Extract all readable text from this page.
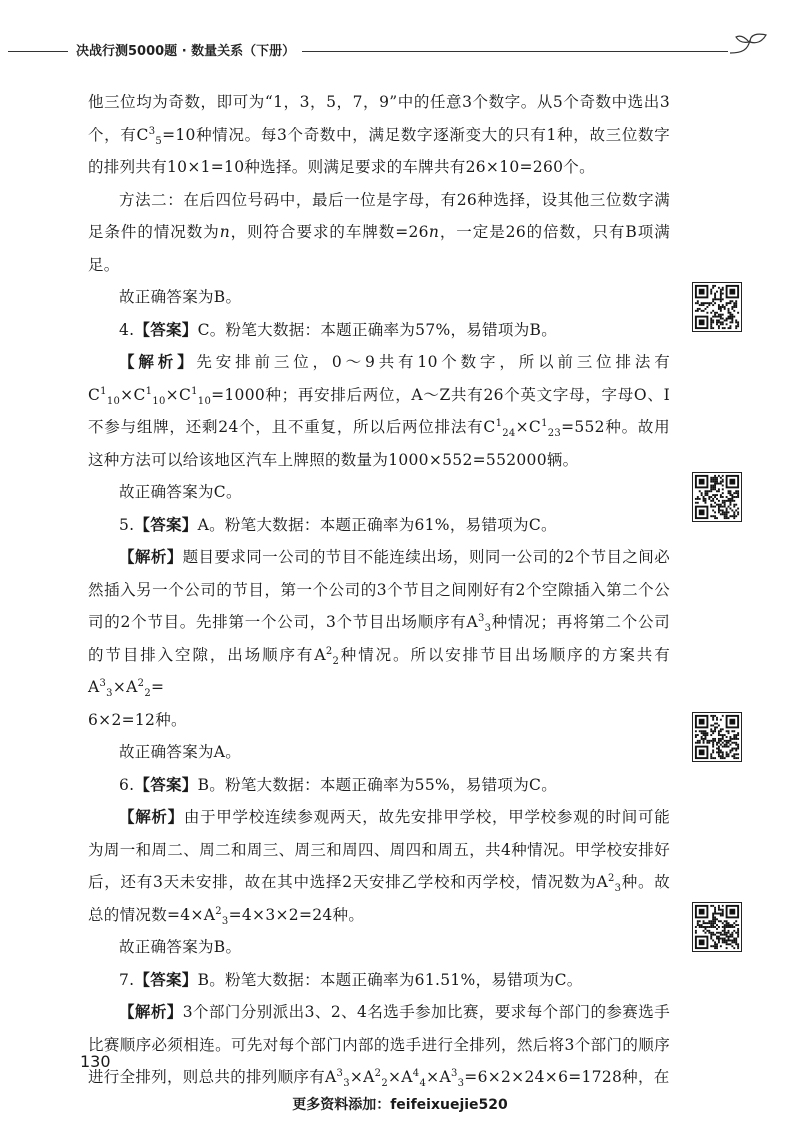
决战行测5000题 · 数量关系（下册）

他三位均为奇数，即可为“1，3，5，7，9”中的任意3个数字。从5个奇数中选出3个，有$C^3_5=10$种情况。每3个奇数中，满足数字逐渐变大的只有1种，故三位数字的排列共有10×1=10种选择。则满足要求的车牌共有26×10=260个。

方法二：在后四位号码中，最后一位是字母，有26种选择，设其他三位数字满足条件的情况数为n，则符合要求的车牌数=26n，一定是26的倍数，只有B项满足。

故正确答案为B。

4.【答案】C。粉笔大数据：本题正确率为57%，易错项为B。

【解析】先安排前三位，0～9共有10个数字，所以前三位排法有$C^1_{10}\times C^1_{10}\times C^1_{10}=1000$种；再安排后两位，A～Z共有26个英文字母，字母O、I不参与组牌，还剩24个，且不重复，所以后两位排法有$C^1_{24}\times C^1_{23}=552$种。故用这种方法可以给该地区汽车上牌照的数量为1000×552=552000辆。

故正确答案为C。

5.【答案】A。粉笔大数据：本题正确率为61%，易错项为C。

【解析】题目要求同一公司的节目不能连续出场，则同一公司的2个节目之间必然插入另一个公司的节目，第一个公司的3个节目之间刚好有2个空隙插入第二个公司的2个节目。先排第一个公司，3个节目出场顺序有$A^3_3$种情况；再将第二个公司的节目排入空隙，出场顺序有$A^2_2$种情况。所以安排节目出场顺序的方案共有$A^3_3\times A^2_2=$
6×2=12种。

故正确答案为A。

6.【答案】B。粉笔大数据：本题正确率为55%，易错项为C。

【解析】由于甲学校连续参观两天，故先安排甲学校，甲学校参观的时间可能为周一和周二、周二和周三、周三和周四、周四和周五，共4种情况。甲学校安排好后，还有3天未安排，故在其中选择2天安排乙学校和丙学校，情况数为$A^2_3$种。故总的情况数$=4\times A^2_3=4\times 3\times 2=24$种。

故正确答案为B。

7.【答案】B。粉笔大数据：本题正确率为61.51%，易错项为C。

【解析】3个部门分别派出3、2、4名选手参加比赛，要求每个部门的参赛选手比赛顺序必须相连。可先对每个部门内部的选手进行全排列，然后将3个部门的顺序进行全排列，则总共的排列顺序有$A^3_3\times A^2_2\times A^4_4\times A^3_3=6\times 2\times 24\times 6=1728$种，在

130
更多资料添加：feifeixuejie520
